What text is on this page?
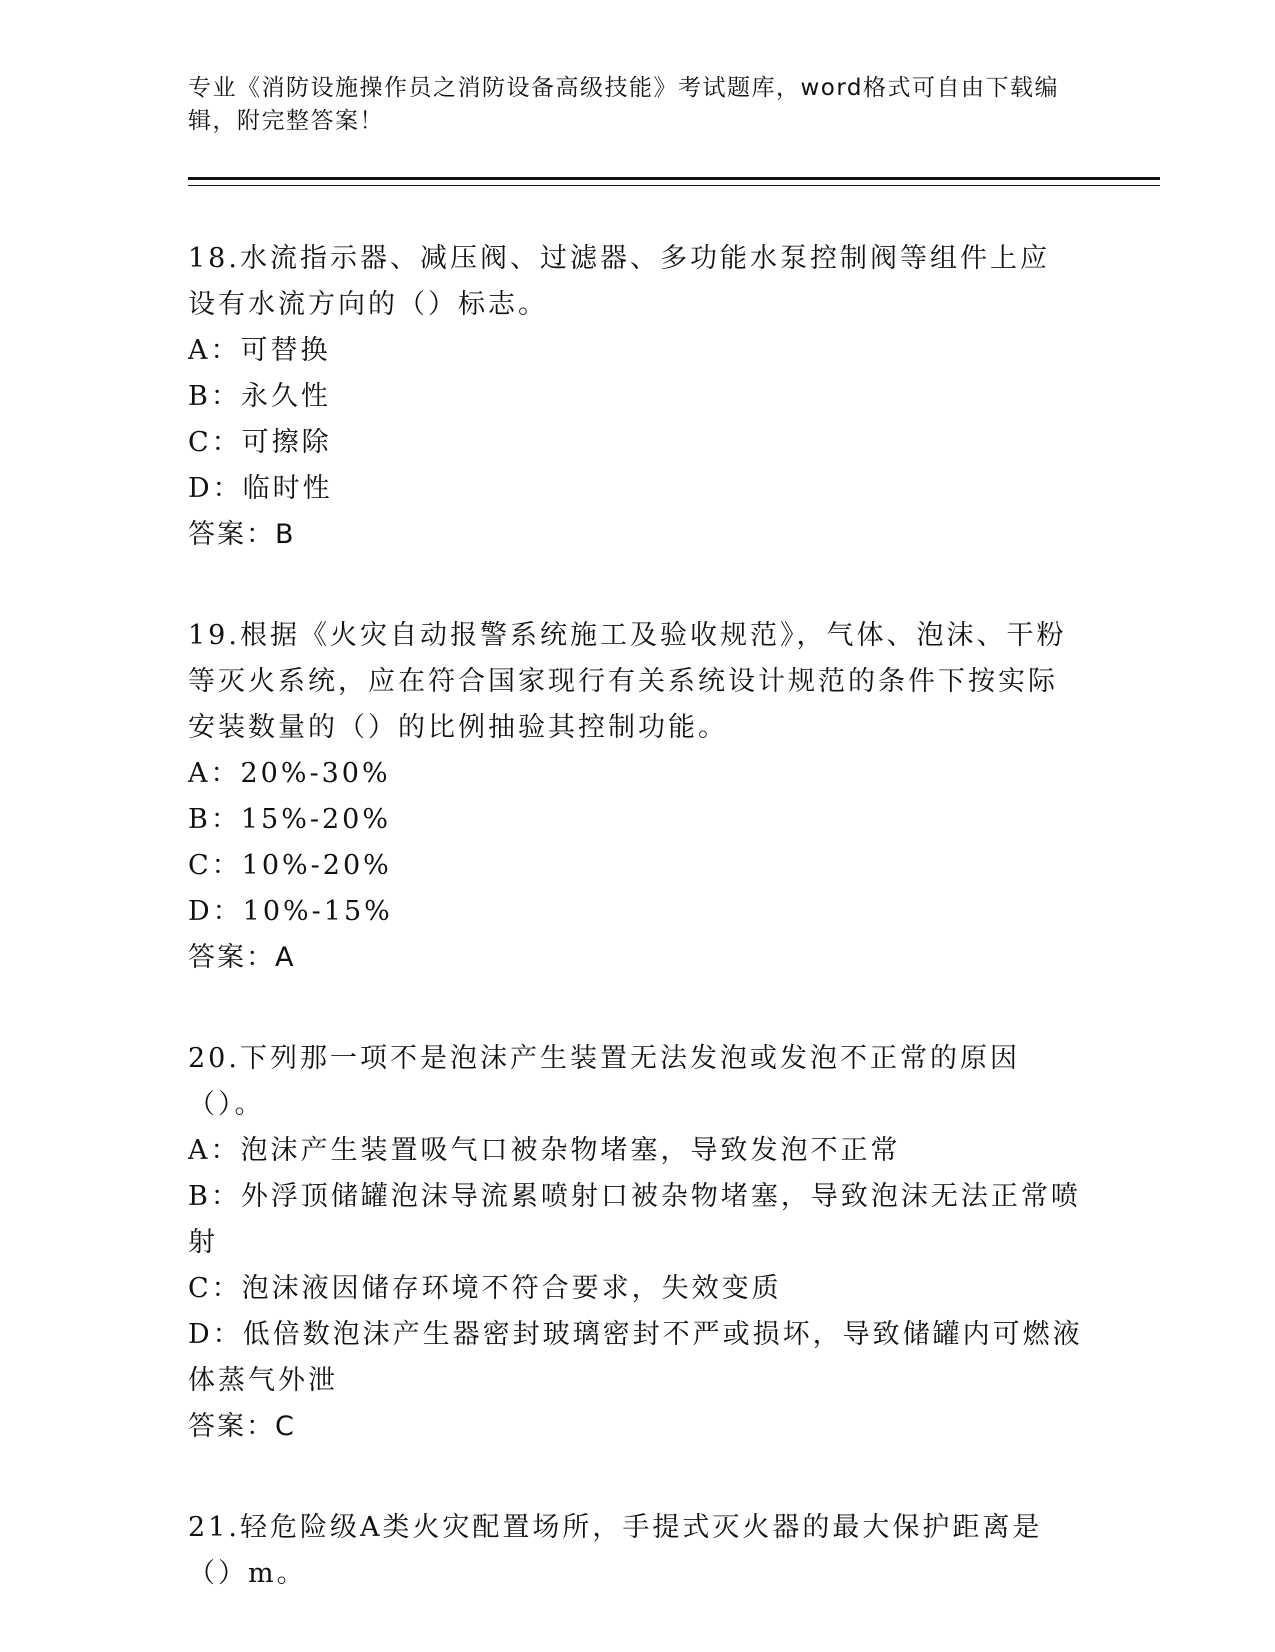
专业《消防设施操作员之消防设备高级技能》考试题库，word格式可自由下载编辑，附完整答案！
18.水流指示器、减压阀、过滤器、多功能水泵控制阀等组件上应设有水流方向的（）标志。
A：可替换
B：永久性
C：可擦除
D：临时性
答案：B
19.根据《火灾自动报警系统施工及验收规范》，气体、泡沫、干粉等灭火系统，应在符合国家现行有关系统设计规范的条件下按实际安装数量的（）的比例抽验其控制功能。
A：20%-30%
B：15%-20%
C：10%-20%
D：10%-15%
答案：A
20.下列那一项不是泡沫产生装置无法发泡或发泡不正常的原因（）。
A：泡沫产生装置吸气口被杂物堵塞，导致发泡不正常
B：外浮顶储罐泡沫导流累喷射口被杂物堵塞，导致泡沫无法正常喷射
C：泡沫液因储存环境不符合要求，失效变质
D：低倍数泡沫产生器密封玻璃密封不严或损坏，导致储罐内可燃液体蒸气外泄
答案：C
21.轻危险级A类火灾配置场所，手提式灭火器的最大保护距离是（）m。
